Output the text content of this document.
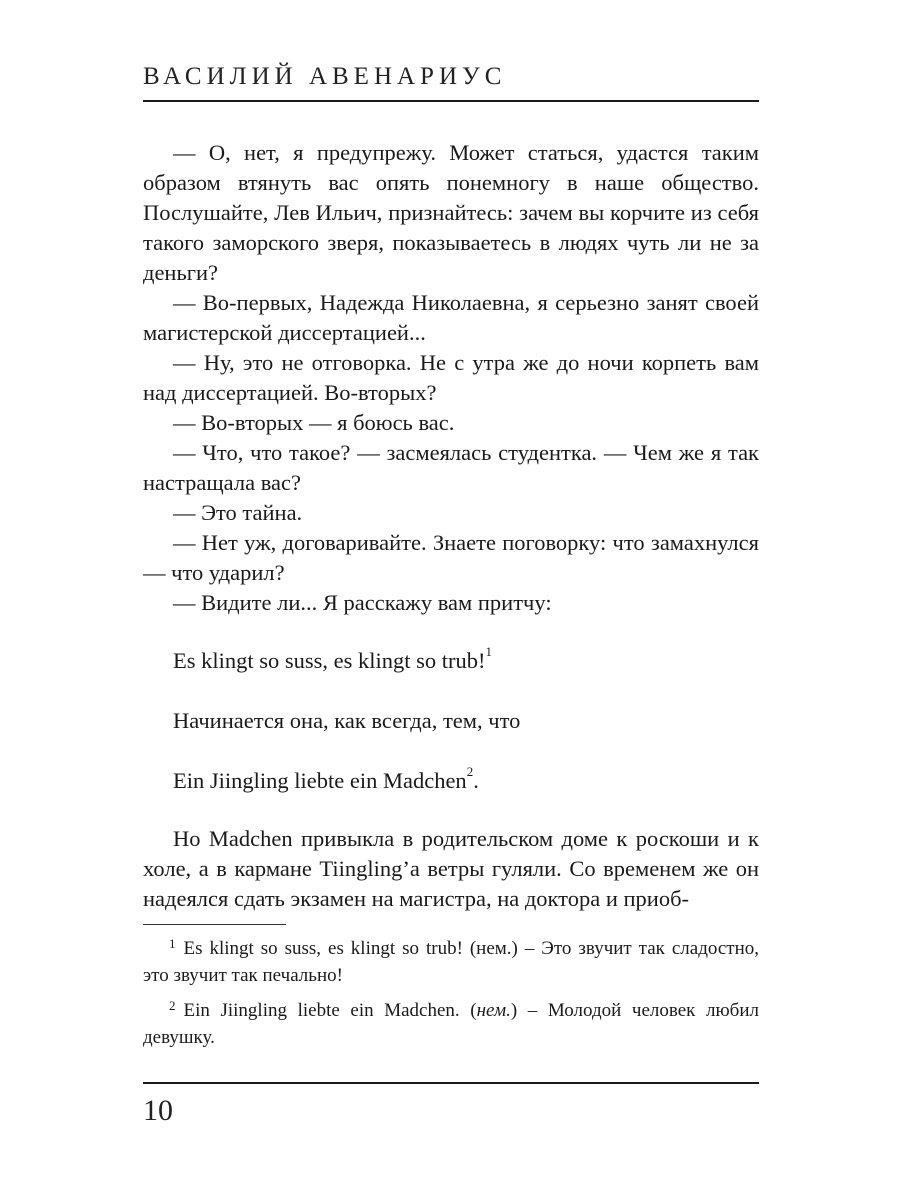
ВАСИЛИЙ АВЕНАРИУС

— О, нет, я предупрежу. Может статься, удастся таким образом втянуть вас опять понемногу в наше общество. Послушайте, Лев Ильич, признайтесь: зачем вы корчите из себя такого заморского зверя, показываетесь в людях чуть ли не за деньги?

— Во-первых, Надежда Николаевна, я серьезно занят своей магистерской диссертацией...

— Ну, это не отговорка. Не с утра же до ночи корпеть вам над диссертацией. Во-вторых?

— Во-вторых — я боюсь вас.

— Что, что такое? — засмеялась студентка. — Чем же я так настращала вас?

— Это тайна.

— Нет уж, договаривайте. Знаете поговорку: что замахнулся — что ударил?

— Видите ли... Я расскажу вам притчу:

Es klingt so suss, es klingt so trub!$^1$
Начинается она, как всегда, тем, что
Ein Jiingling liebte ein Madchen$^2$.

Но Madchen привыкла в родительском доме к роскоши и к холе, а в кармане Tiingling’a ветры гуляли. Со временем же он надеялся сдать экзамен на магистра, на доктора и приоб-

$^1$ Es klingt so suss, es klingt so trub! (нем.) – Это звучит так сладостно, это звучит так печально!

$^2$ Ein Jiingling liebte ein Madchen. (нем.) – Молодой человек любил девушку.

10
